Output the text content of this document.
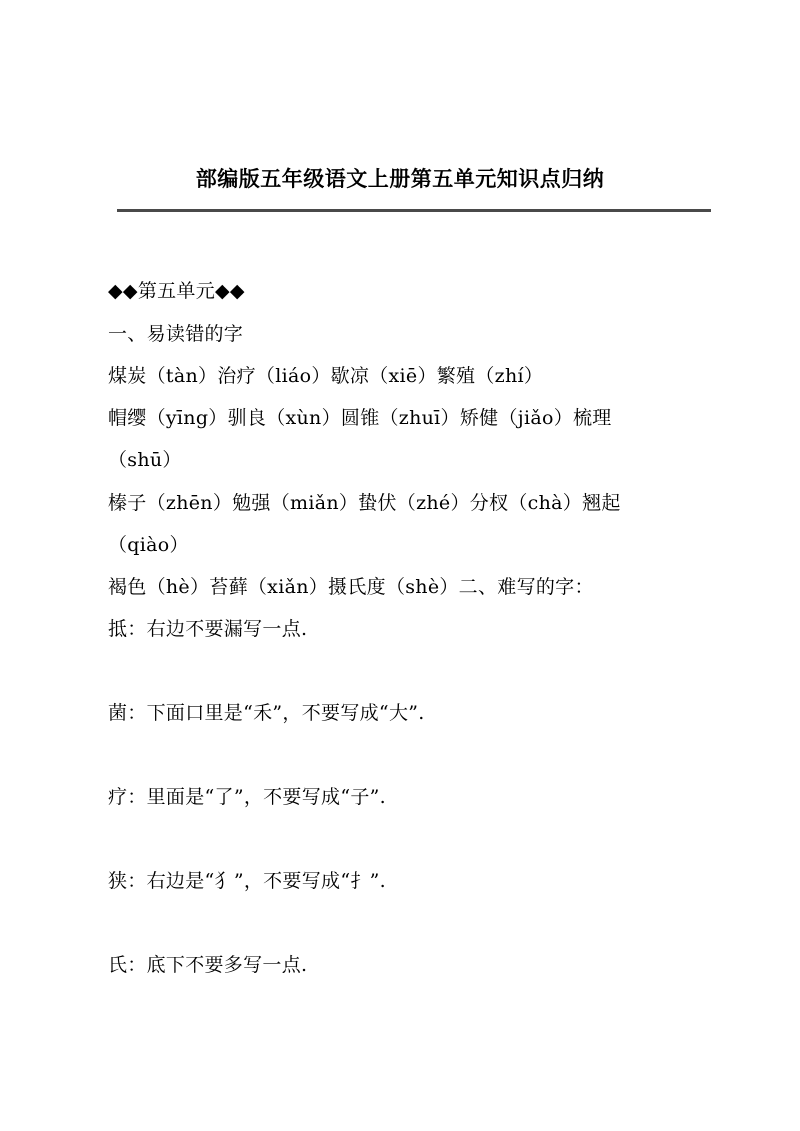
部编版五年级语文上册第五单元知识点归纳
◆◆第五单元◆◆
一、易读错的字
煤炭（tàn）治疗（liáo）歇凉（xiē）繁殖（zhí）
帽缨（yīng）驯良（xùn）圆锥（zhuī）矫健（jiǎo）梳理
（shū）
榛子（zhēn）勉强（miǎn）蛰伏（zhé）分杈（chà）翘起
（qiào）
褐色（hè）苔藓（xiǎn）摄氏度（shè）二、难写的字：
抵：右边不要漏写一点.
菌：下面口里是“禾”，不要写成“大”.
疗：里面是“了”，不要写成“子”.
狭：右边是“犭”，不要写成“扌”.
氏：底下不要多写一点.
